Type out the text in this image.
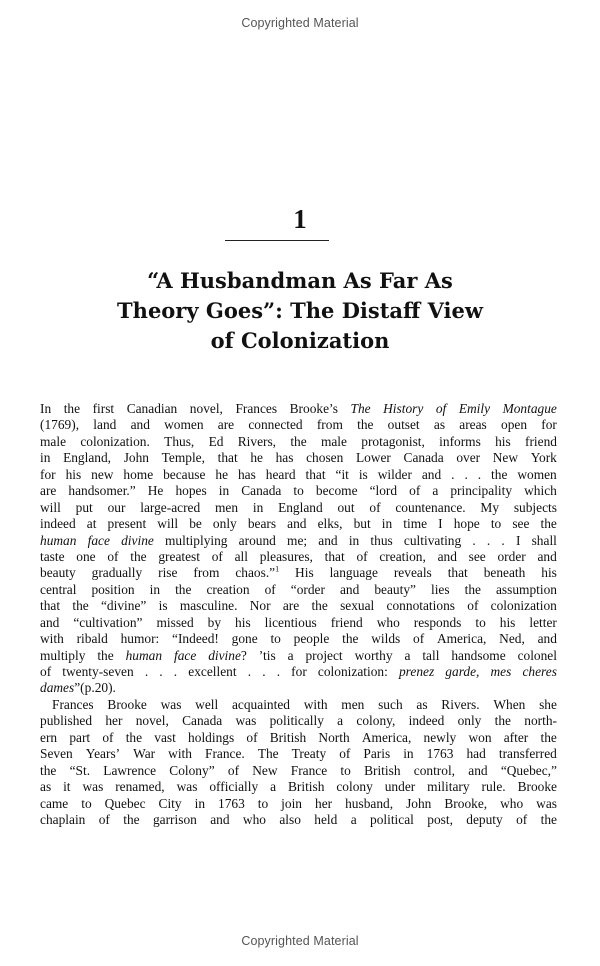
Copyrighted Material
1
“A Husbandman As Far As
Theory Goes”: The Distaff View
of Colonization
In the first Canadian novel, Frances Brooke’s The History of Emily Montague
(1769), land and women are connected from the outset as areas open for
male colonization. Thus, Ed Rivers, the male protagonist, informs his friend
in England, John Temple, that he has chosen Lower Canada over New York
for his new home because he has heard that “it is wilder and . . . the women
are handsomer.” He hopes in Canada to become “lord of a principality which
will put our large-acred men in England out of countenance. My subjects
indeed at present will be only bears and elks, but in time I hope to see the
human face divine multiplying around me; and in thus cultivating . . . I shall
taste one of the greatest of all pleasures, that of creation, and see order and
beauty gradually rise from chaos.”$^1$ His language reveals that beneath his
central position in the creation of “order and beauty” lies the assumption
that the “divine” is masculine. Nor are the sexual connotations of colonization
and “cultivation” missed by his licentious friend who responds to his letter
with ribald humor: “Indeed! gone to people the wilds of America, Ned, and
multiply the human face divine? ’tis a project worthy a tall handsome colonel
of twenty-seven . . . excellent . . . for colonization: prenez garde, mes cheres
dames” (p. 20).
Frances Brooke was well acquainted with men such as Rivers. When she
published her novel, Canada was politically a colony, indeed only the north-
ern part of the vast holdings of British North America, newly won after the
Seven Years’ War with France. The Treaty of Paris in 1763 had transferred
the “St. Lawrence Colony” of New France to British control, and “Quebec,”
as it was renamed, was officially a British colony under military rule. Brooke
came to Quebec City in 1763 to join her husband, John Brooke, who was
chaplain of the garrison and who also held a political post, deputy of the
Copyrighted Material
